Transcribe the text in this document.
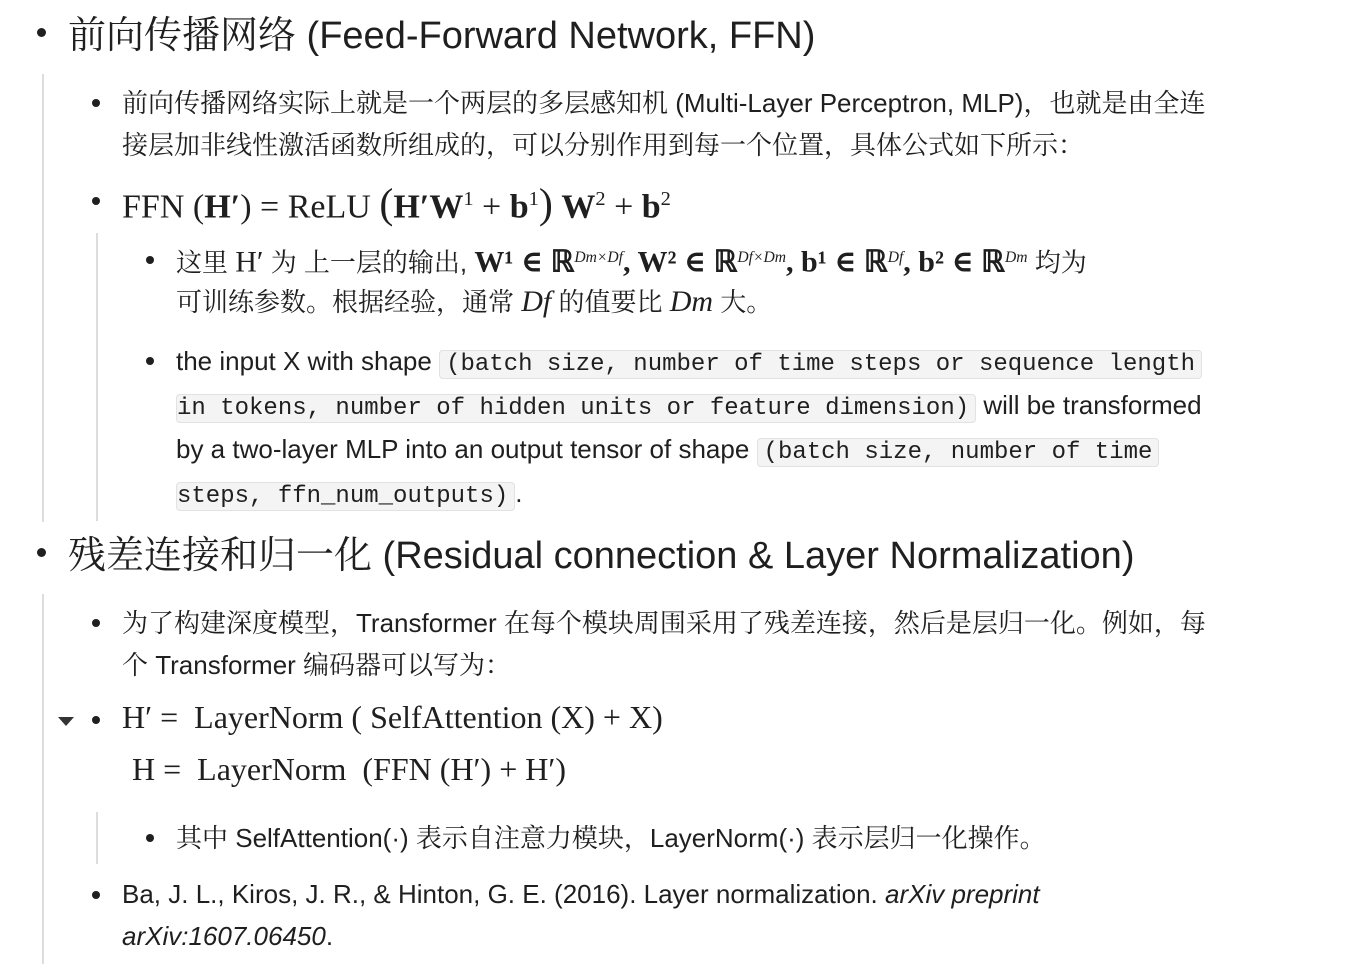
前向传播网络 (Feed-Forward Network, FFN)
前向传播网络实际上就是一个两层的多层感知机 (Multi-Layer Perceptron, MLP)，也就是由全连
接层加非线性激活函数所组成的，可以分别作用到每一个位置，具体公式如下所示：
FFN (H′) = ReLU $(H'W^1 + b^1) W^2 + b^2$
这里 H′ 为 上一层的输出, W¹ ∈ ℝ$^{Dm\times Df}$, W² ∈ ℝ$^{Df\times Dm}$, b¹ ∈ ℝ$^{Df}$, b² ∈ ℝ$^{Dm}$ 均为
可训练参数。根据经验，通常 Df 的值要比 Dm 大。
the input X with shape (batch size, number of time steps or sequence length
in tokens, number of hidden units or feature dimension) will be transformed
by a two-layer MLP into an output tensor of shape (batch size, number of time
steps, ffn_num_outputs) .
残差连接和归一化 (Residual connection & Layer Normalization)
为了构建深度模型，Transformer 在每个模块周围采用了残差连接，然后是层归一化。例如，每
个 Transformer 编码器可以写为：
H′ =  LayerNorm ( SelfAttention (X) + X)
H =  LayerNorm  (FFN (H′) + H′)
其中 SelfAttention(·) 表示自注意力模块，LayerNorm(·) 表示层归一化操作。
Ba, J. L., Kiros, J. R., & Hinton, G. E. (2016). Layer normalization. arXiv preprint
arXiv:1607.06450.
